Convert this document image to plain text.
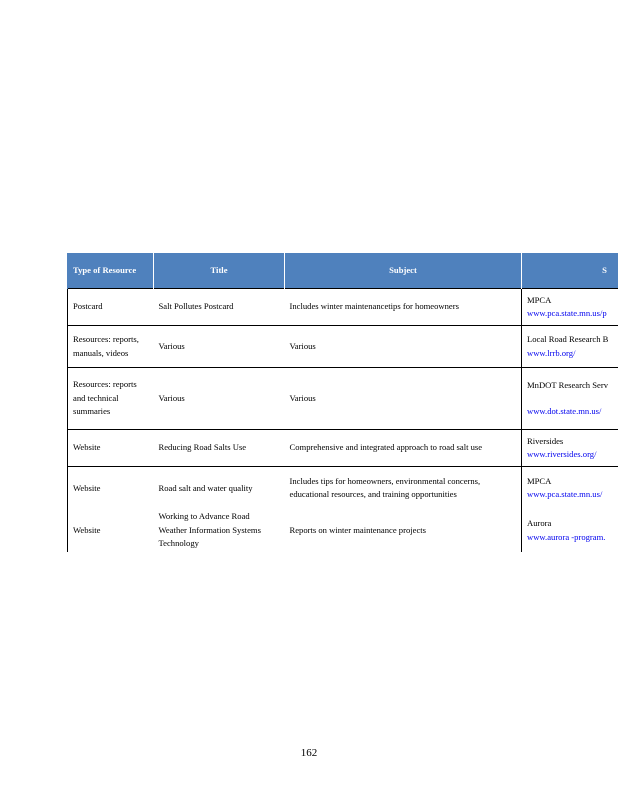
Type of Resource	Title	Subject	S
Postcard	Salt Pollutes Postcard	Includes winter maintenancetips for homeowners	MPCA
www.pca.state.mn.us/p

Resources: reports, manuals, videos	Various	Various	Local Road Research B
www.lrrb.org/

Resources: reports and technical summaries	Various	Various	MnDOT Research Serv
www.dot.state.mn.us/

Website	Reducing Road Salts Use	Comprehensive and integrated approach to road salt use	Riversides
www.riversides.org/

Website	Road salt and water quality	Includes tips for homeowners, environmental concerns, educational resources, and training opportunities	MPCA
www.pca.state.mn.us/

Website	Working to Advance Road Weather Information Systems Technology	Reports on winter maintenance projects	Aurora
www.aurora -program.
162
